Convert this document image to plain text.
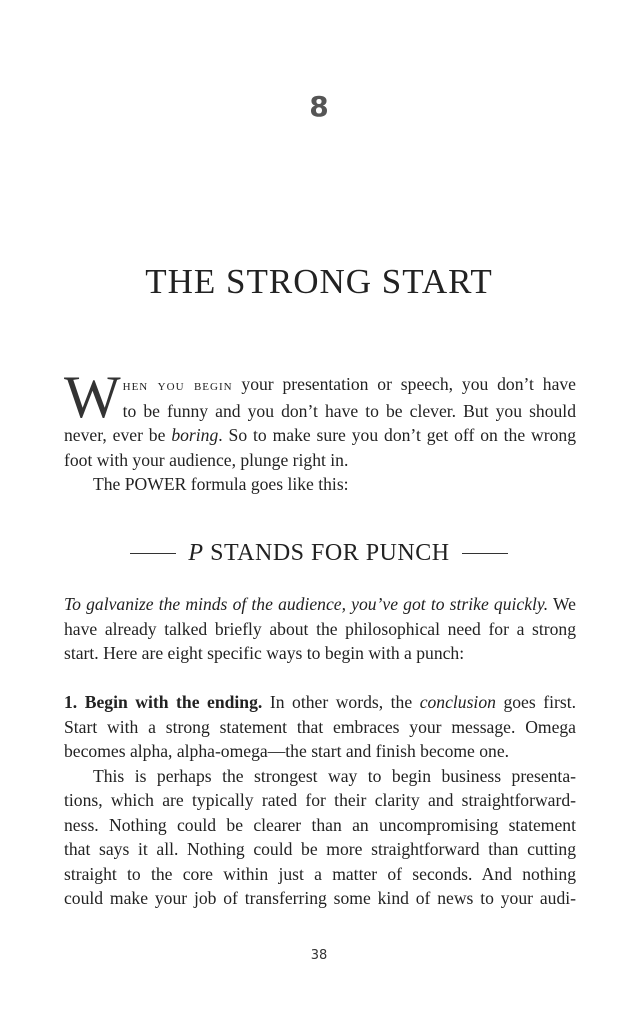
8
THE STRONG START
W hen you begin your presentation or speech, you don’t have
to be funny and you don’t have to be clever. But you should
never, ever be boring. So to make sure you don’t get off on the wrong
foot with your audience, plunge right in.
The POWER formula goes like this:
P STANDS FOR PUNCH
To galvanize the minds of the audience, you’ve got to strike quickly. We
have already talked briefly about the philosophical need for a strong
start. Here are eight specific ways to begin with a punch:
1. Begin with the ending. In other words, the conclusion goes first.
Start with a strong statement that embraces your message. Omega
becomes alpha, alpha-omega—the start and finish become one.
This is perhaps the strongest way to begin business presenta-
tions, which are typically rated for their clarity and straightforward-
ness. Nothing could be clearer than an uncompromising statement
that says it all. Nothing could be more straightforward than cutting
straight to the core within just a matter of seconds. And nothing
could make your job of transferring some kind of news to your audi-
38
